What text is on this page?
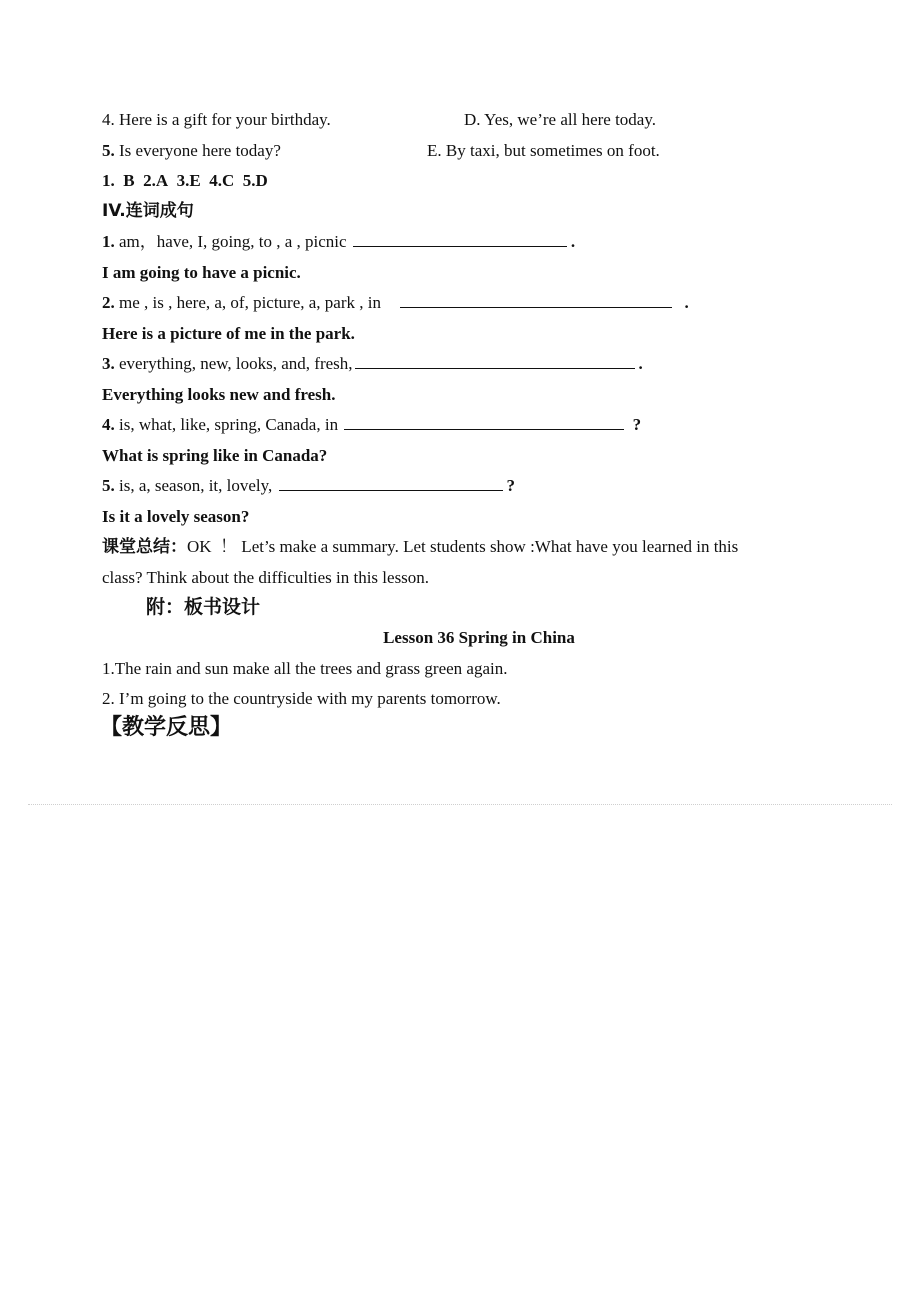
4. Here is a gift for your birthday.	D. Yes, we’re all here today.
5. Is everyone here today?	E. By taxi, but sometimes on foot.
1.  B  2.A  3.E  4.C  5.D
IV.连词成句
1. am，have, I, going, to , a , picnic	.
I am going to have a picnic.
2. me , is , here, a, of, picture, a, park , in	.
Here is a picture of me in the park.
3. everything, new, looks, and, fresh,	.
Everything looks new and fresh.
4. is, what, like, spring, Canada, in	?
What is spring like in Canada?
5. is, a, season, it, lovely,	?
Is it a lovely season?
课堂总结：OK  ！ Let’s make a summary. Let students show :What have you learned in this
class? Think about the difficulties in this lesson.
附：板书设计
Lesson 36 Spring in China
1.The rain and sun make all the trees and grass green again.
2. I’m going to the countryside with my parents tomorrow.
【教学反思】
